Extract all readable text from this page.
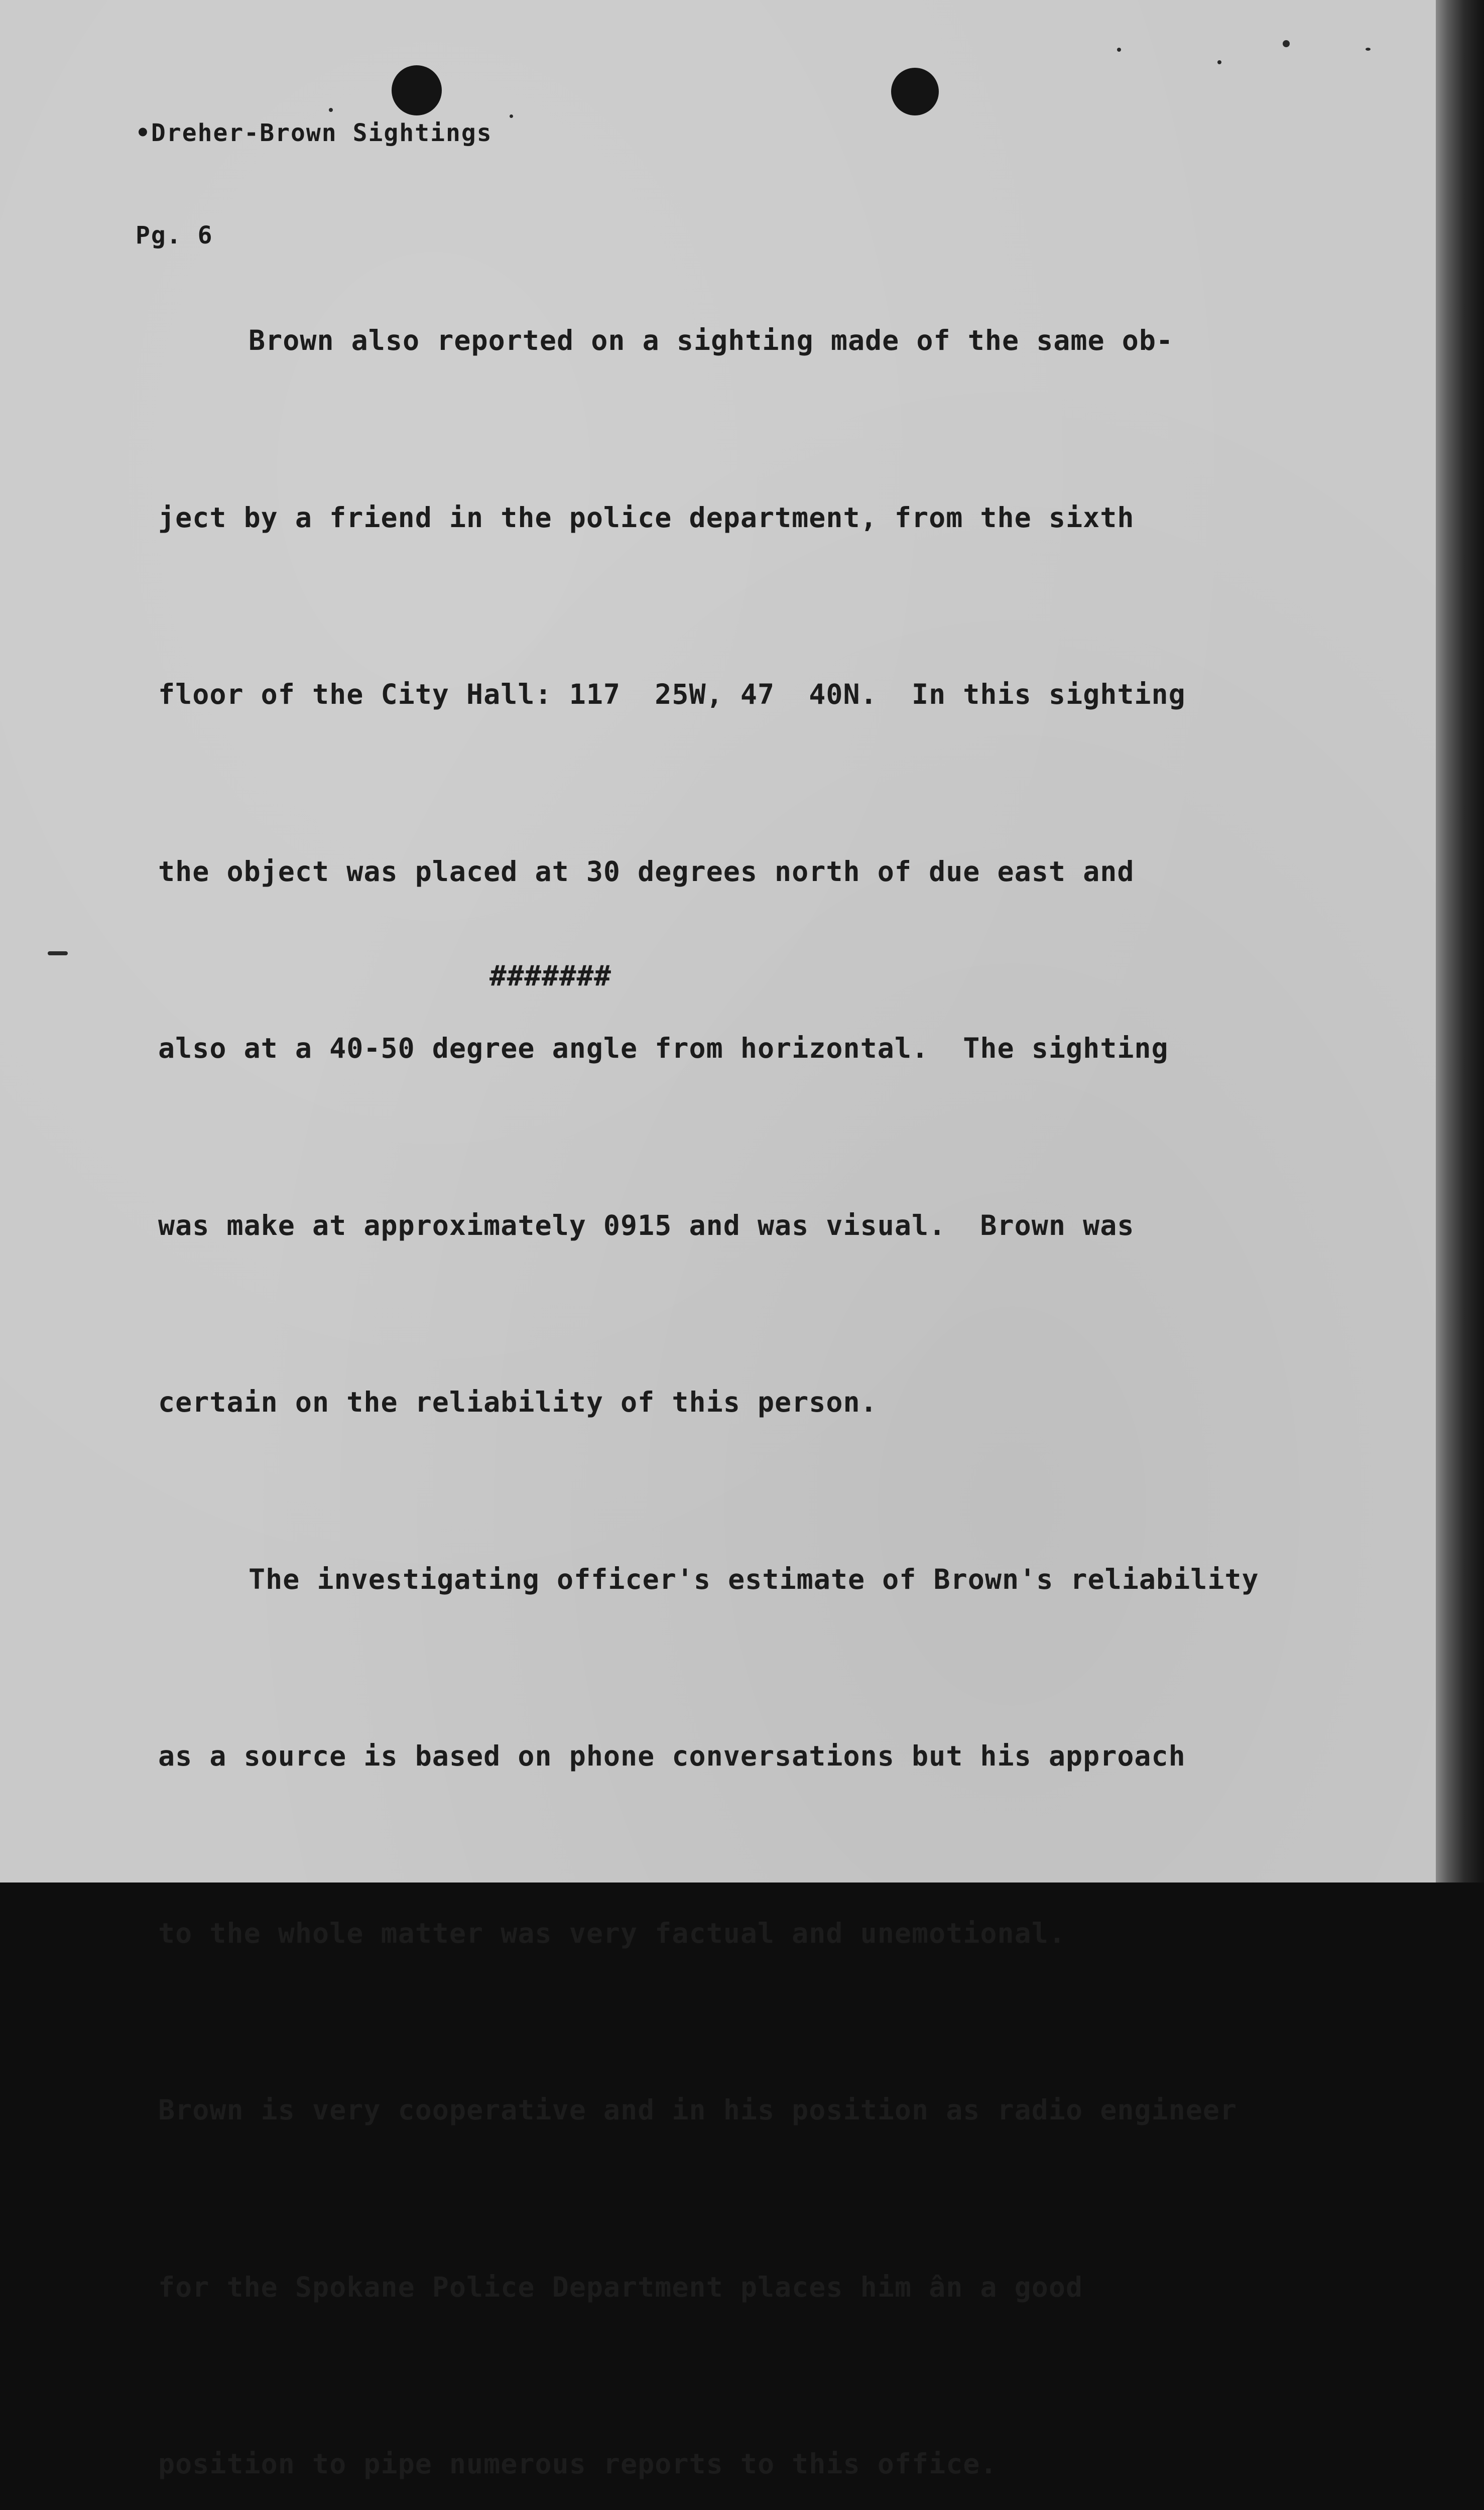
•Dreher-Brown Sightings

Pg. 6

Brown also reported on a sighting made of the same ob-

ject by a friend in the police department, from the sixth

floor of the City Hall: 117  25W, 47  40N.  In this sighting

the object was placed at 30 degrees north of due east and

also at a 40-50 degree angle from horizontal.  The sighting

was make at approximately 0915 and was visual.  Brown was

certain on the reliability of this person.

The investigating officer's estimate of Brown's reliability

as a source is based on phone conversations but his approach

to the whole matter was very factual and unemotional.

Brown is very cooperative and in his position as radio engineer

for the Spokane Police Department places him ân a good

position to pipe numerous reports to this office.

#######
